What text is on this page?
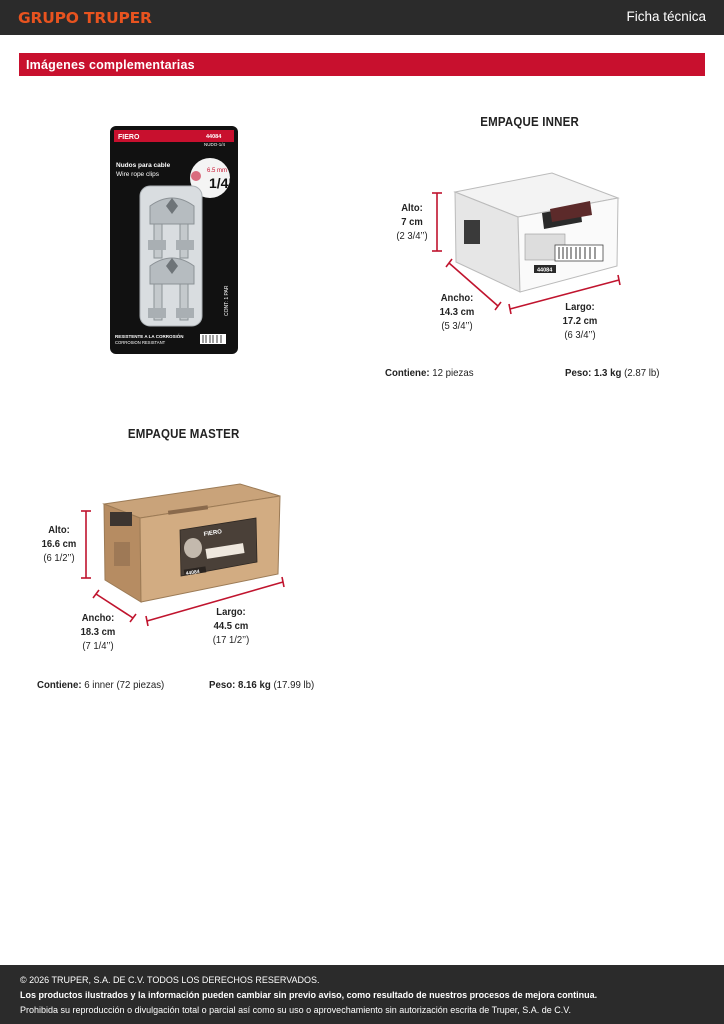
GRUPO TRUPER	Ficha técnica
Imágenes complementarias
FIERO	44084
NUDO-1/4
Nudos para cable
Wire rope clips	6.5 mm
1/4"
CONT: 1 PAR
RESISTENTE A LA CORROSIÓN
CORROSION RESISTANT
EMPAQUE INNER
44084
Alto:
7 cm
(2 3/4’’)
Ancho:
14.3 cm
(5 3/4’’)
Largo:
17.2 cm
(6 3/4’’)
Contiene: 12 piezas	Peso: 1.3 kg (2.87 lb)
EMPAQUE MASTER
FIERO
44084
Alto:
16.6 cm
(6 1/2’’)
Ancho:
18.3 cm
(7 1/4’’)
Largo:
44.5 cm
(17 1/2’’)
Contiene: 6 inner (72 piezas)	Peso: 8.16 kg (17.99 lb)

© 2026 TRUPER, S.A. DE C.V. TODOS LOS DERECHOS RESERVADOS.

Los productos ilustrados y la información pueden cambiar sin previo aviso, como resultado de nuestros procesos de mejora continua.

Prohibida su reproducción o divulgación total o parcial así como su uso o aprovechamiento sin autorización escrita de Truper, S.A. de C.V.
